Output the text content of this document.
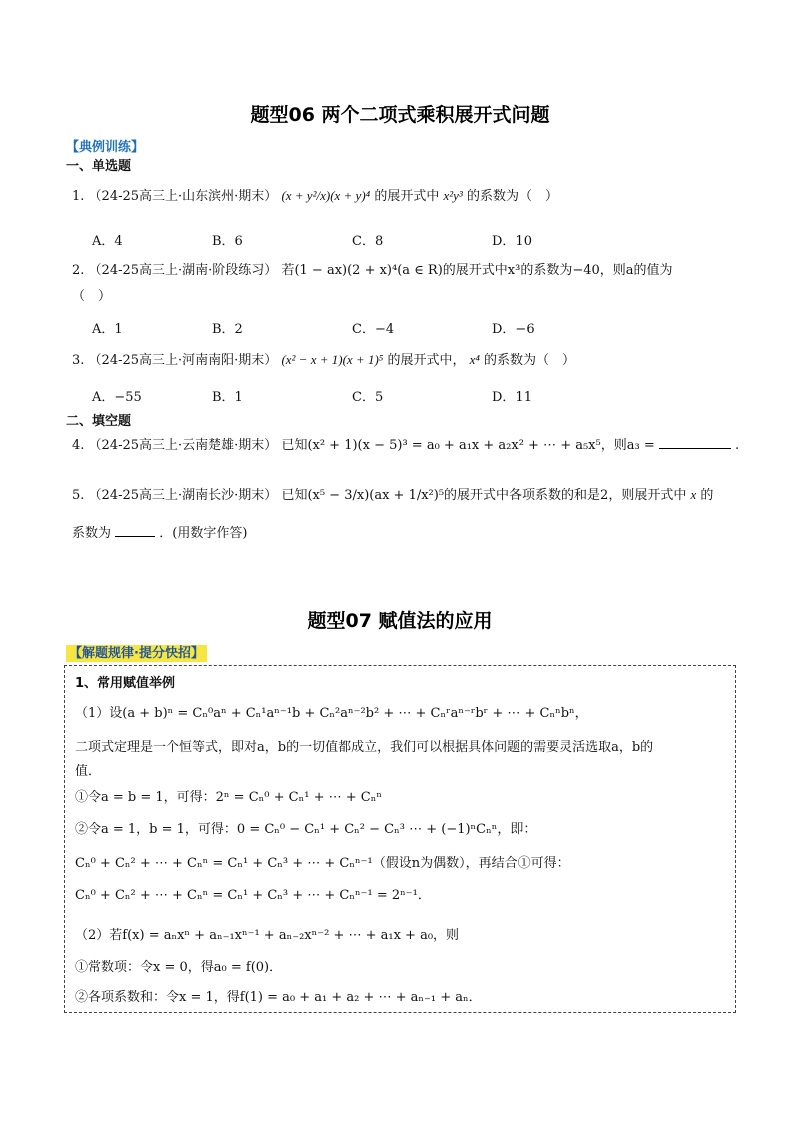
题型06 两个二项式乘积展开式问题
【典例训练】
一、单选题
1. （24-25高三上·山东滨州·期末） (x + y²/x)(x + y)⁴ 的展开式中 x²y³ 的系数为（　）
A．4	B．6	C．8	D．10
2. （24-25高三上·湖南·阶段练习） 若(1 − ax)(2 + x)⁴(a ∈ R)的展开式中x³的系数为−40，则a的值为
（　）
A．1	B．2	C．−4	D．−6
3. （24-25高三上·河南南阳·期末） (x² − x + 1)(x + 1)⁵ 的展开式中， x⁴ 的系数为（　）
A．−55	B．1	C．5	D．11
二、填空题
4. （24-25高三上·云南楚雄·期末） 已知(x² + 1)(x − 5)³ = a₀ + a₁x + a₂x² + ⋯ + a₅x⁵，则a₃ =	.
5. （24-25高三上·湖南长沙·期末） 已知(x⁵ − 3/x)(ax + 1/x²)⁵的展开式中各项系数的和是2，则展开式中 x 的
系数为	．(用数字作答)
题型07 赋值法的应用
【解题规律·提分快招】
1、常用赋值举例
（1）设(a + b)ⁿ = Cₙ⁰aⁿ + Cₙ¹aⁿ⁻¹b + Cₙ²aⁿ⁻²b² + ⋯ + Cₙʳaⁿ⁻ʳbʳ + ⋯ + Cₙⁿbⁿ，
二项式定理是一个恒等式，即对a，b的一切值都成立，我们可以根据具体问题的需要灵活选取a，b的
值．
①令a = b = 1，可得：2ⁿ = Cₙ⁰ + Cₙ¹ + ⋯ + Cₙⁿ
②令a = 1，b = 1，可得：0 = Cₙ⁰ − Cₙ¹ + Cₙ² − Cₙ³ ⋯ + (−1)ⁿCₙⁿ，即：
Cₙ⁰ + Cₙ² + ⋯ + Cₙⁿ = Cₙ¹ + Cₙ³ + ⋯ + Cₙⁿ⁻¹（假设n为偶数），再结合①可得：
Cₙ⁰ + Cₙ² + ⋯ + Cₙⁿ = Cₙ¹ + Cₙ³ + ⋯ + Cₙⁿ⁻¹ = 2ⁿ⁻¹．
（2）若f(x) = aₙxⁿ + aₙ₋₁xⁿ⁻¹ + aₙ₋₂xⁿ⁻² + ⋯ + a₁x + a₀，则
①常数项：令x = 0，得a₀ = f(0)．
②各项系数和：令x = 1，得f(1) = a₀ + a₁ + a₂ + ⋯ + aₙ₋₁ + aₙ．
